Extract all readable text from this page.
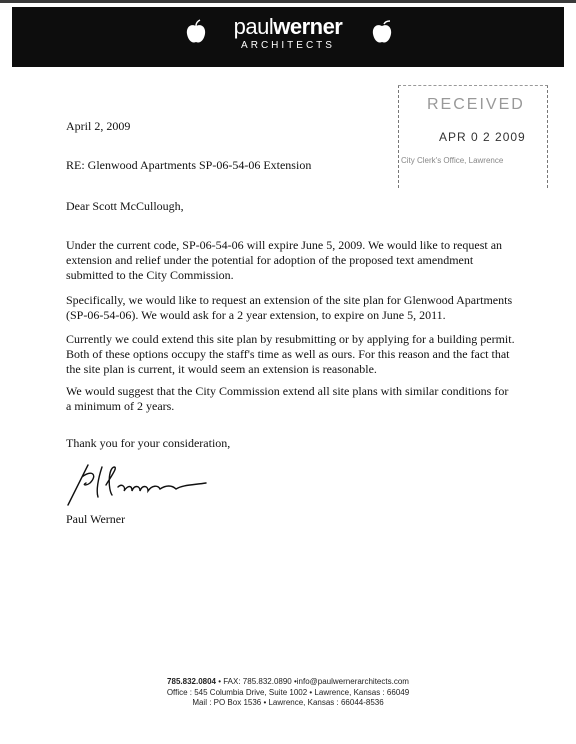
paulwerner
ARCHITECTS
RECEIVED
APR 0 2 2009
City Clerk's Office, Lawrence
April 2, 2009
RE: Glenwood Apartments SP-06-54-06 Extension
Dear Scott McCullough,
Under the current code, SP-06-54-06 will expire June 5, 2009. We would like to request an extension and relief under the potential for adoption of the proposed text amendment submitted to the City Commission.
Specifically, we would like to request an extension of the site plan for Glenwood Apartments (SP-06-54-06). We would ask for a 2 year extension, to expire on June 5, 2011.
Currently we could extend this site plan by resubmitting or by applying for a building permit. Both of these options occupy the staff's time as well as ours. For this reason and the fact that the site plan is current, it would seem an extension is reasonable.
We would suggest that the City Commission extend all site plans with similar conditions for a minimum of 2 years.
Thank you for your consideration,
Paul Werner
785.832.0804 • FAX: 785.832.0890 •info@paulwernerarchitects.com
Office : 545 Columbia Drive, Suite 1002 • Lawrence, Kansas : 66049
Mail : PO Box 1536 • Lawrence, Kansas : 66044-8536
